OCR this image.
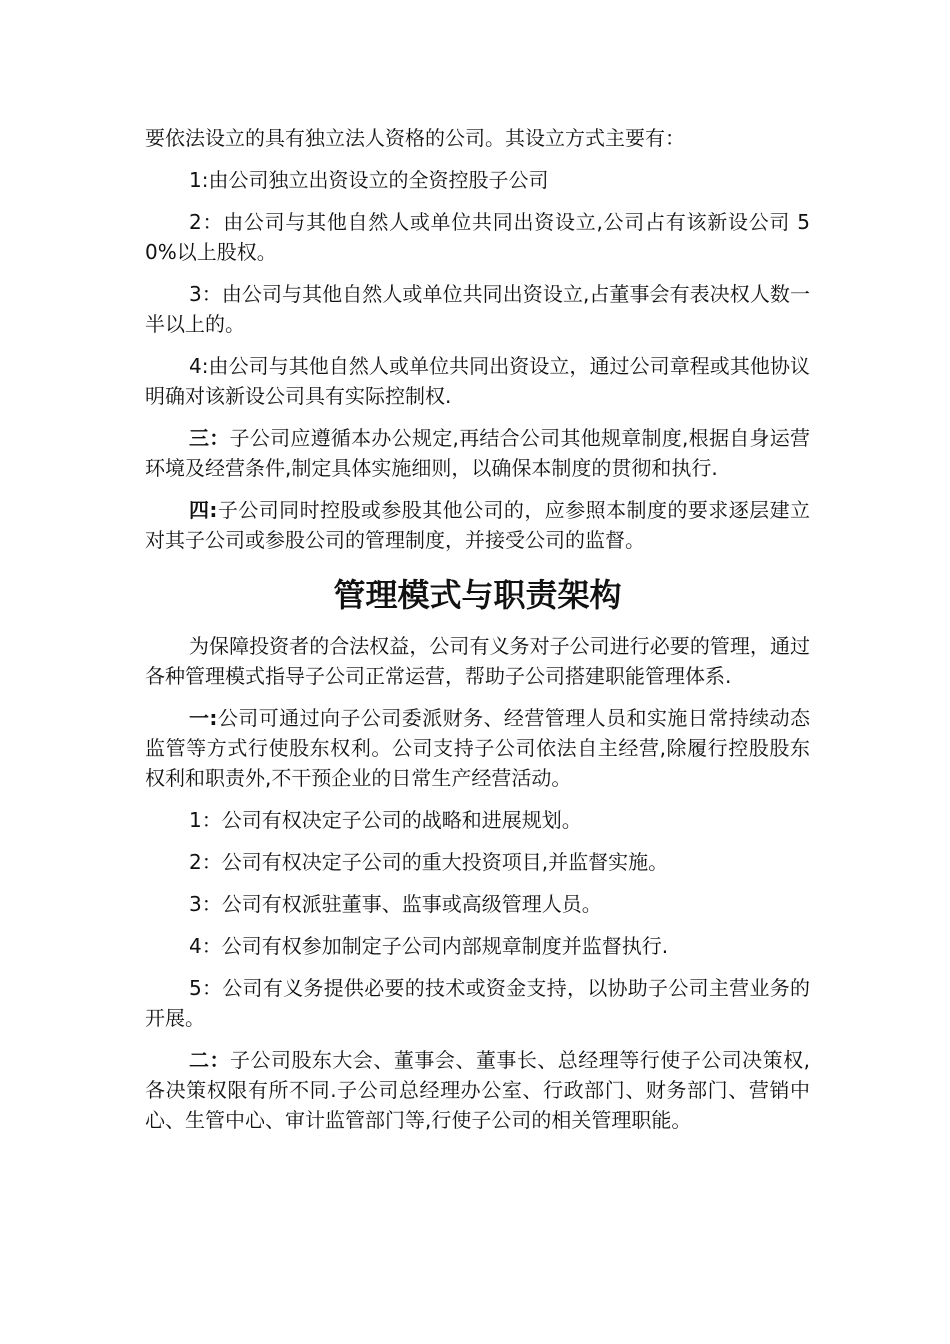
要依法设立的具有独立法人资格的公司。其设立方式主要有：

1:由公司独立出资设立的全资控股子公司

2：由公司与其他自然人或单位共同出资设立,公司占有该新设公司 50%以上股权。

3：由公司与其他自然人或单位共同出资设立,占董事会有表决权人数一半以上的。

4:由公司与其他自然人或单位共同出资设立，通过公司章程或其他协议明确对该新设公司具有实际控制权.

三：子公司应遵循本办公规定,再结合公司其他规章制度,根据自身运营环境及经营条件,制定具体实施细则，以确保本制度的贯彻和执行.

四:子公司同时控股或参股其他公司的，应参照本制度的要求逐层建立对其子公司或参股公司的管理制度，并接受公司的监督。

管理模式与职责架构

为保障投资者的合法权益，公司有义务对子公司进行必要的管理，通过各种管理模式指导子公司正常运营，帮助子公司搭建职能管理体系.

一:公司可通过向子公司委派财务、经营管理人员和实施日常持续动态监管等方式行使股东权利。公司支持子公司依法自主经营,除履行控股股东权利和职责外,不干预企业的日常生产经营活动。

1：公司有权决定子公司的战略和进展规划。

2：公司有权决定子公司的重大投资项目,并监督实施。

3：公司有权派驻董事、监事或高级管理人员。

4：公司有权参加制定子公司内部规章制度并监督执行.

5：公司有义务提供必要的技术或资金支持，以协助子公司主营业务的开展。

二：子公司股东大会、董事会、董事长、总经理等行使子公司决策权,各决策权限有所不同.子公司总经理办公室、行政部门、财务部门、营销中心、生管中心、审计监管部门等,行使子公司的相关管理职能。
